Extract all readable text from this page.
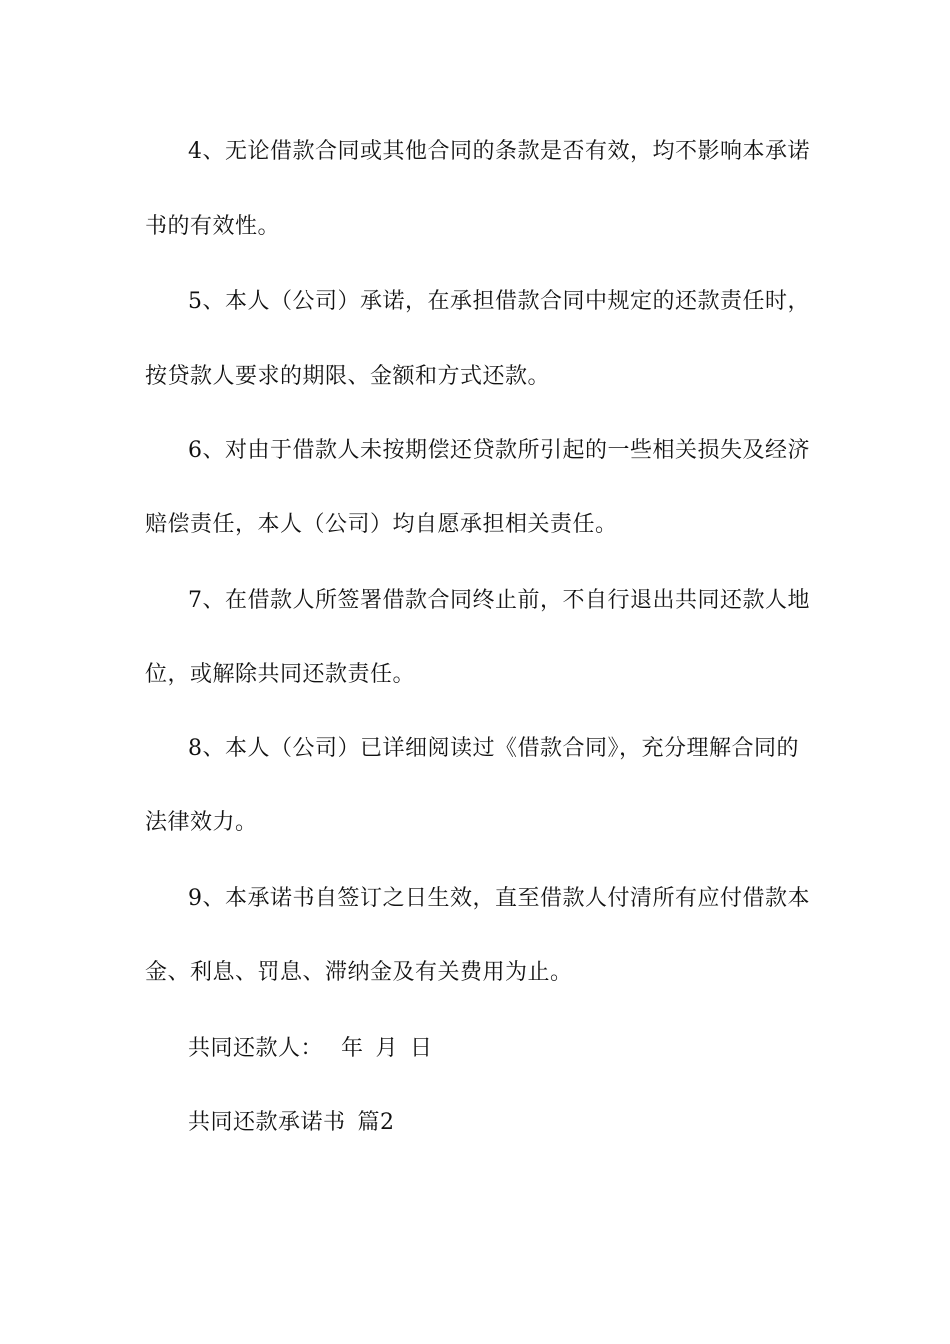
4、无论借款合同或其他合同的条款是否有效，均不影响本承诺
书的有效性。
5、本人（公司）承诺，在承担借款合同中规定的还款责任时，
按贷款人要求的期限、金额和方式还款。
6、对由于借款人未按期偿还贷款所引起的一些相关损失及经济
赔偿责任，本人（公司）均自愿承担相关责任。
7、在借款人所签署借款合同终止前，不自行退出共同还款人地
位，或解除共同还款责任。
8、本人（公司）已详细阅读过《借款合同》，充分理解合同的
法律效力。
9、本承诺书自签订之日生效，直至借款人付清所有应付借款本
金、利息、罚息、滞纳金及有关费用为止。
共同还款人： 年 月 日
共同还款承诺书 篇2
